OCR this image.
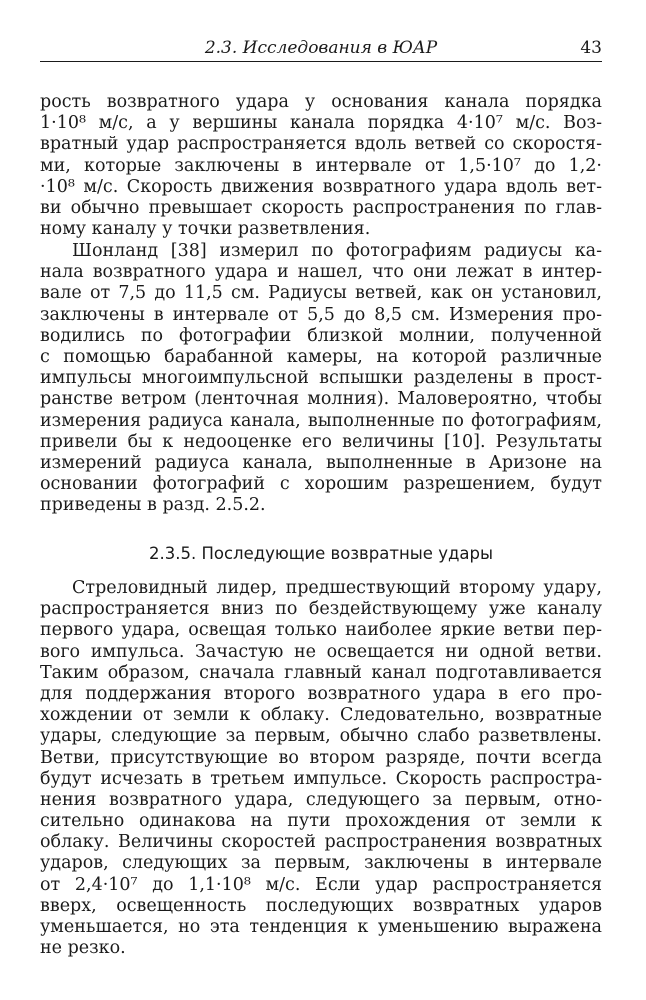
2.3. Исследования в ЮАР	43
рость возвратного удара у основания канала порядка
1·10⁸ м/с, а у вершины канала порядка 4·10⁷ м/с. Воз-
вратный удар распространяется вдоль ветвей со скоростя-
ми, которые заключены в интервале от 1,5·10⁷ до 1,2·
·10⁸ м/с. Скорость движения возвратного удара вдоль вет-
ви обычно превышает скорость распространения по глав-
ному каналу у точки разветвления.
Шонланд [38] измерил по фотографиям радиусы ка-
нала возвратного удара и нашел, что они лежат в интер-
вале от 7,5 до 11,5 см. Радиусы ветвей, как он установил,
заключены в интервале от 5,5 до 8,5 см. Измерения про-
водились по фотографии близкой молнии, полученной
с помощью барабанной камеры, на которой различные
импульсы многоимпульсной вспышки разделены в прост-
ранстве ветром (ленточная молния). Маловероятно, чтобы
измерения радиуса канала, выполненные по фотографиям,
привели бы к недооценке его величины [10]. Результаты
измерений радиуса канала, выполненные в Аризоне на
основании фотографий с хорошим разрешением, будут
приведены в разд. 2.5.2.
2.3.5. Последующие возвратные удары
Стреловидный лидер, предшествующий второму удару,
распространяется вниз по бездействующему уже каналу
первого удара, освещая только наиболее яркие ветви пер-
вого импульса. Зачастую не освещается ни одной ветви.
Таким образом, сначала главный канал подготавливается
для поддержания второго возвратного удара в его про-
хождении от земли к облаку. Следовательно, возвратные
удары, следующие за первым, обычно слабо разветвлены.
Ветви, присутствующие во втором разряде, почти всегда
будут исчезать в третьем импульсе. Скорость распростра-
нения возвратного удара, следующего за первым, отно-
сительно одинакова на пути прохождения от земли к
облаку. Величины скоростей распространения возвратных
ударов, следующих за первым, заключены в интервале
от 2,4·10⁷ до 1,1·10⁸ м/с. Если удар распространяется
вверх, освещенность последующих возвратных ударов
уменьшается, но эта тенденция к уменьшению выражена
не резко.
